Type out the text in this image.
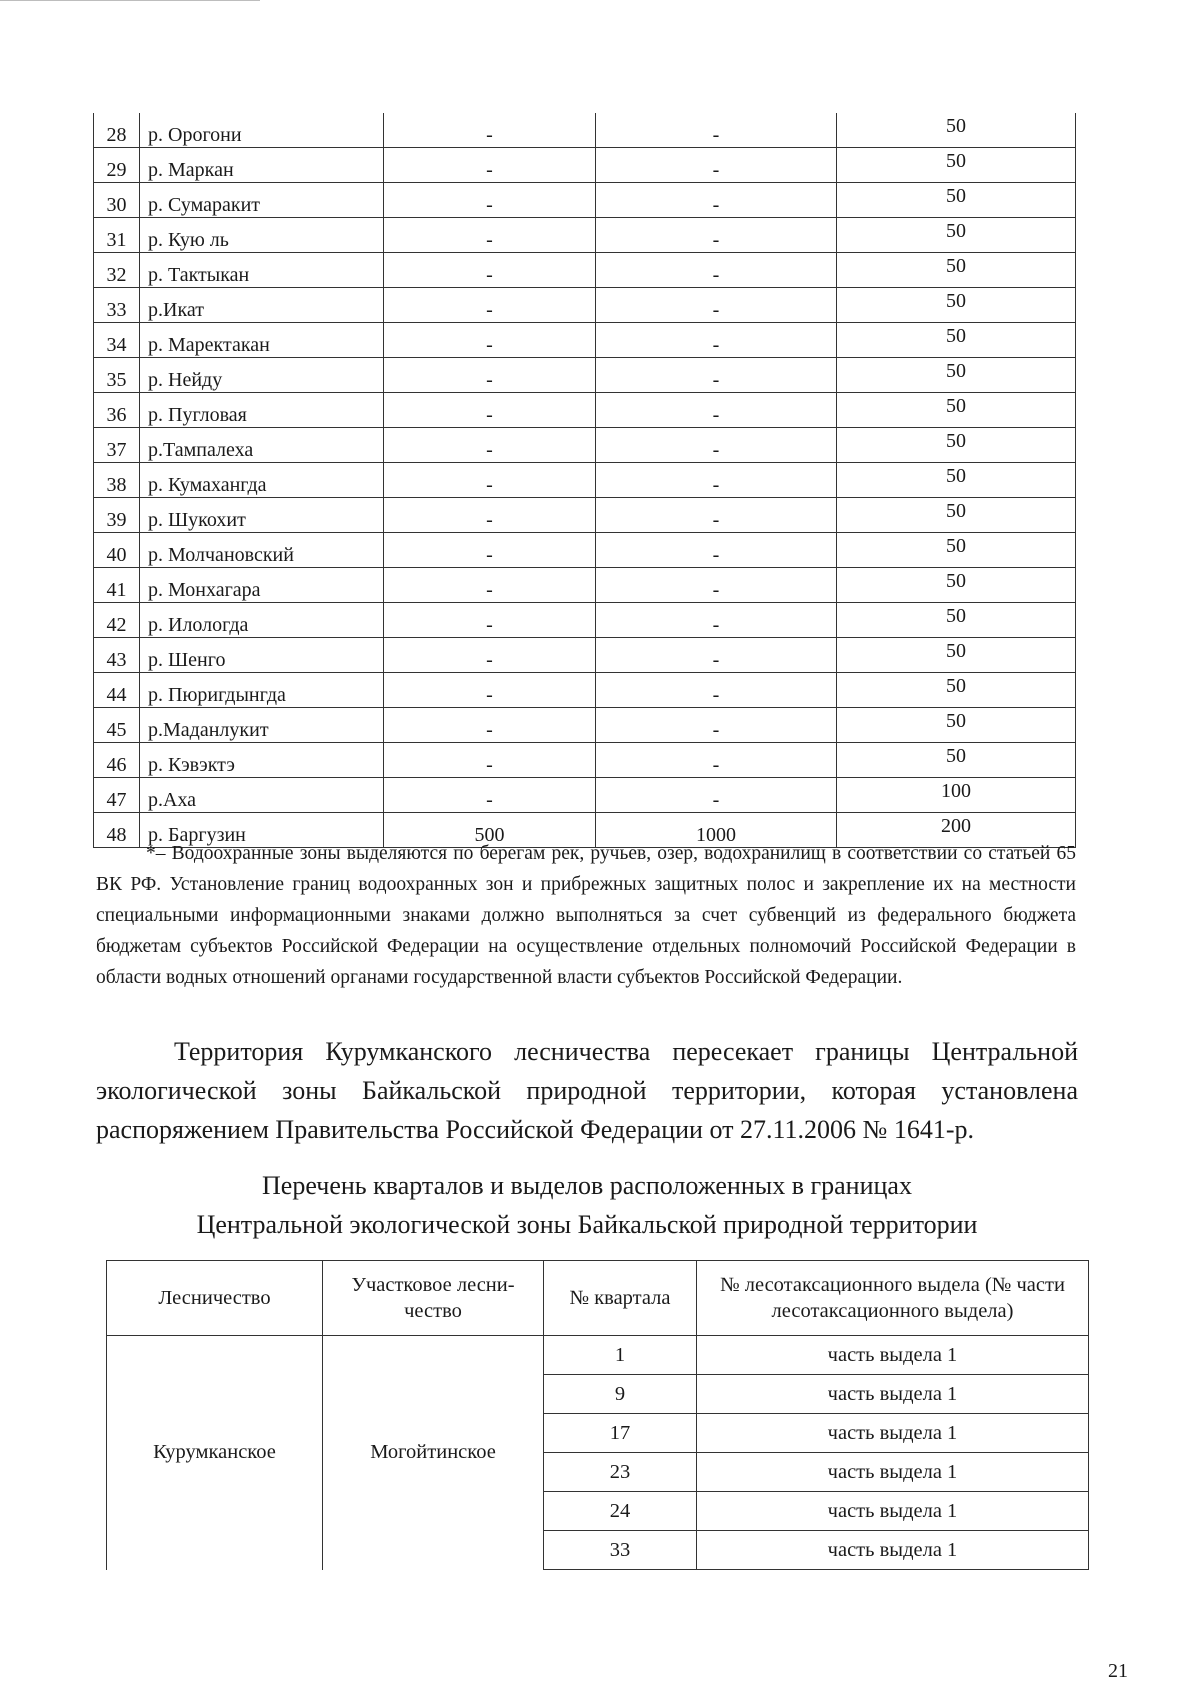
28	р. Орогони	-	-	50
29	р. Маркан	-	-	50
30	р. Сумаракит	-	-	50
31	р. Кую ль	-	-	50
32	р. Тактыкан	-	-	50
33	р.Икат	-	-	50
34	р. Маректакан	-	-	50
35	р. Нейду	-	-	50
36	р. Пугловая	-	-	50
37	р.Тампалеха	-	-	50
38	р. Кумахангда	-	-	50
39	р. Шукохит	-	-	50
40	р. Молчановский	-	-	50
41	р. Монхагара	-	-	50
42	р. Илологда	-	-	50
43	р. Шенго	-	-	50
44	р. Пюригдынгда	-	-	50
45	р.Маданлукит	-	-	50
46	р. Кэвэктэ	-	-	50
47	р.Аха	-	-	100
48	р. Баргузин	500	1000	200
*– Водоохранные зоны выделяются по берегам рек, ручьев, озер, водохранилищ в соответствии со статьей 65 ВК РФ. Установление границ водоохранных зон и прибрежных защитных полос и закрепление их на местности специальными информационными знаками должно выполняться за счет субвенций из федерального бюджета бюджетам субъектов Российской Федерации на осуществление отдельных полномочий Российской Федерации в области водных отношений органами государственной власти субъектов Российской Федерации.
Территория Курумканского лесничества пересекает границы Центральной экологической зоны Байкальской природной территории, которая установлена распоряжением Правительства Российской Федерации от 27.11.2006 № 1641-р.
Перечень кварталов и выделов расположенных в границах
Центральной экологической зоны Байкальской природной территории
Лесничество	Участковое лесни-чество	№ квартала	№ лесотаксационного выдела (№ части лесотаксационного выдела)
Курумканское	Могойтинское	1	часть выдела 1
		9	часть выдела 1
		17	часть выдела 1
		23	часть выдела 1
		24	часть выдела 1
		33	часть выдела 1
21
